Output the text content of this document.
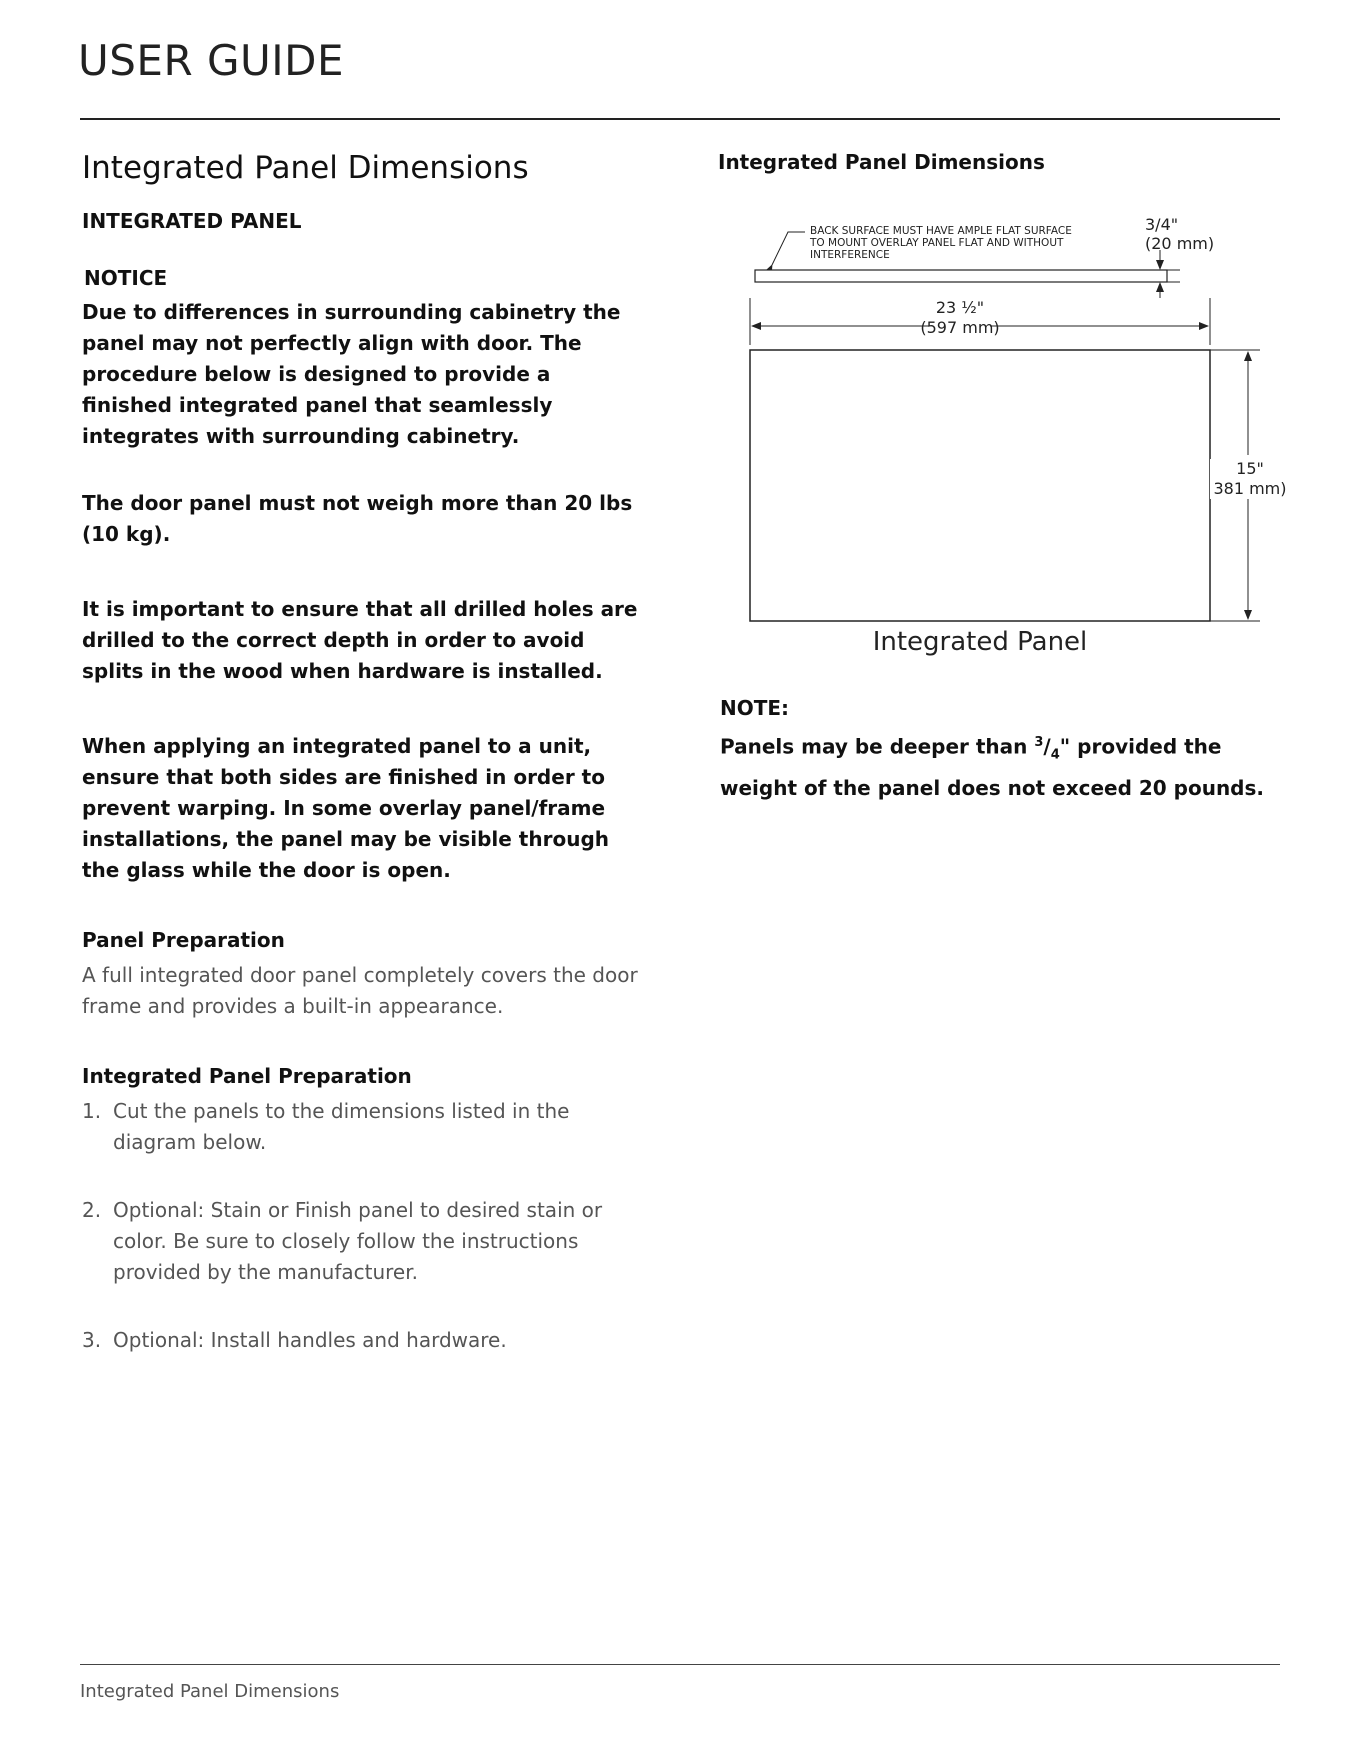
USER GUIDE
Integrated Panel Dimensions

INTEGRATED PANEL

NOTICE

Due to differences in surrounding cabinetry the panel may not perfectly align with door. The procedure below is designed to provide a finished integrated panel that seamlessly integrates with surrounding cabinetry.

The door panel must not weigh more than 20 lbs (10 kg).

It is important to ensure that all drilled holes are drilled to the correct depth in order to avoid splits in the wood when hardware is installed.

When applying an integrated panel to a unit, ensure that both sides are finished in order to prevent warping. In some overlay panel/frame installations, the panel may be visible through the glass while the door is open.

Panel Preparation

A full integrated door panel completely covers the door frame and provides a built-in appearance.

Integrated Panel Preparation

1. Cut the panels to the dimensions listed in the diagram below.
2. Optional: Stain or Finish panel to desired stain or color. Be sure to closely follow the instructions provided by the manufacturer.
3. Optional: Install handles and hardware.

Integrated Panel Dimensions

BACK SURFACE MUST HAVE AMPLE FLAT SURFACE
TO MOUNT OVERLAY PANEL FLAT AND WITHOUT
INTERFERENCE
3/4"
(20 mm)
23 ½"
(597 mm)
15"
381 mm)
Integrated Panel

NOTE:

Panels may be deeper than $^3/_4$" provided the weight of the panel does not exceed 20 pounds.

Integrated Panel Dimensions
